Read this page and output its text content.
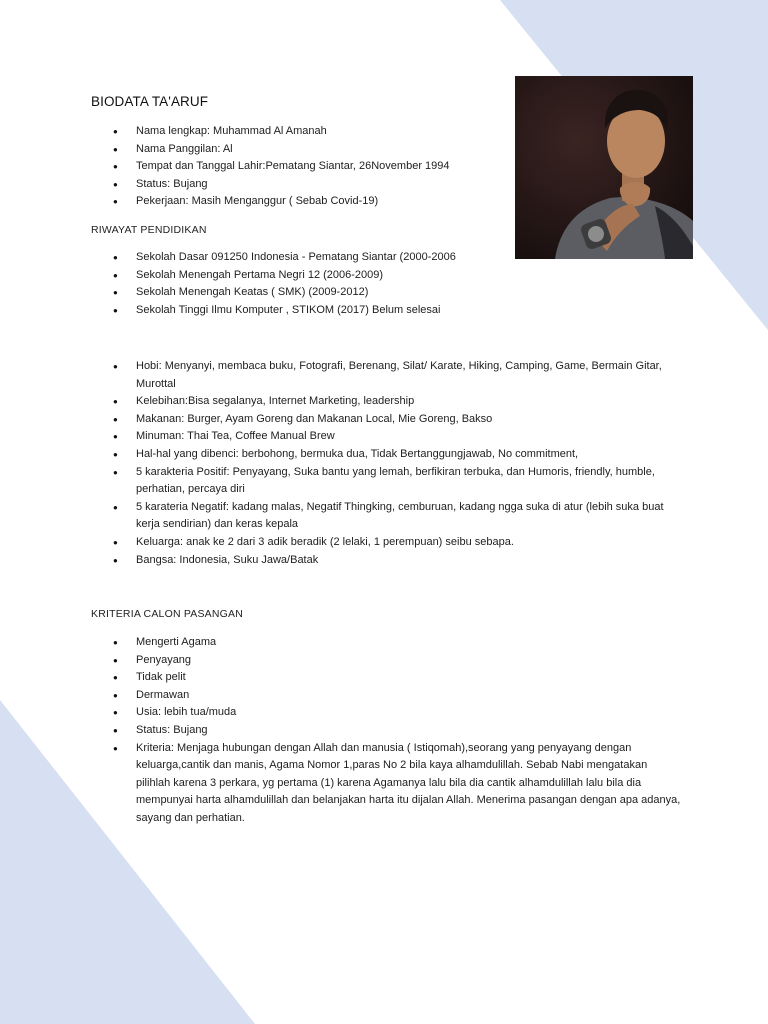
BIODATA TA'ARUF
● Nama lengkap: Muhammad Al Amanah
● Nama Panggilan: Al
● Tempat dan Tanggal Lahir:Pematang Siantar, 26November 1994
● Status: Bujang
● Pekerjaan: Masih Menganggur ( Sebab Covid-19)
RIWAYAT PENDIDIKAN
● Sekolah Dasar 091250 Indonesia - Pematang Siantar (2000-2006
● Sekolah Menengah Pertama Negri 12 (2006-2009)
● Sekolah Menengah Keatas ( SMK) (2009-2012)
● Sekolah Tinggi Ilmu Komputer , STIKOM (2017) Belum selesai
● Hobi: Menyanyi, membaca buku, Fotografi, Berenang, Silat/ Karate, Hiking, Camping, Game, Bermain Gitar, Murottal
● Kelebihan:Bisa segalanya, Internet Marketing, leadership
● Makanan: Burger, Ayam Goreng dan Makanan Local, Mie Goreng, Bakso
● Minuman: Thai Tea, Coffee Manual Brew
● Hal-hal yang dibenci: berbohong, bermuka dua, Tidak Bertanggungjawab, No commitment,
● 5 karakteria Positif: Penyayang, Suka bantu yang lemah, berfikiran terbuka, dan Humoris, friendly, humble, perhatian, percaya diri
● 5 karateria Negatif: kadang malas, Negatif Thingking, cemburuan, kadang ngga suka di atur (lebih suka buat kerja sendirian) dan keras kepala
● Keluarga: anak ke 2 dari 3 adik beradik (2 lelaki, 1 perempuan) seibu sebapa.
● Bangsa: Indonesia, Suku Jawa/Batak
KRITERIA CALON PASANGAN
● Mengerti Agama
● Penyayang
● Tidak pelit
● Dermawan
● Usia: lebih tua/muda
● Status: Bujang
● Kriteria: Menjaga hubungan dengan Allah dan manusia ( Istiqomah),seorang yang penyayang dengan keluarga,cantik dan manis, Agama Nomor 1,paras No 2 bila kaya alhamdulillah. Sebab Nabi mengatakan pilihlah karena 3 perkara, yg pertama (1) karena Agamanya lalu bila dia cantik alhamdulillah lalu bila dia mempunyai harta alhamdulillah dan belanjakan harta itu dijalan Allah. Menerima pasangan dengan apa adanya, sayang dan perhatian.
